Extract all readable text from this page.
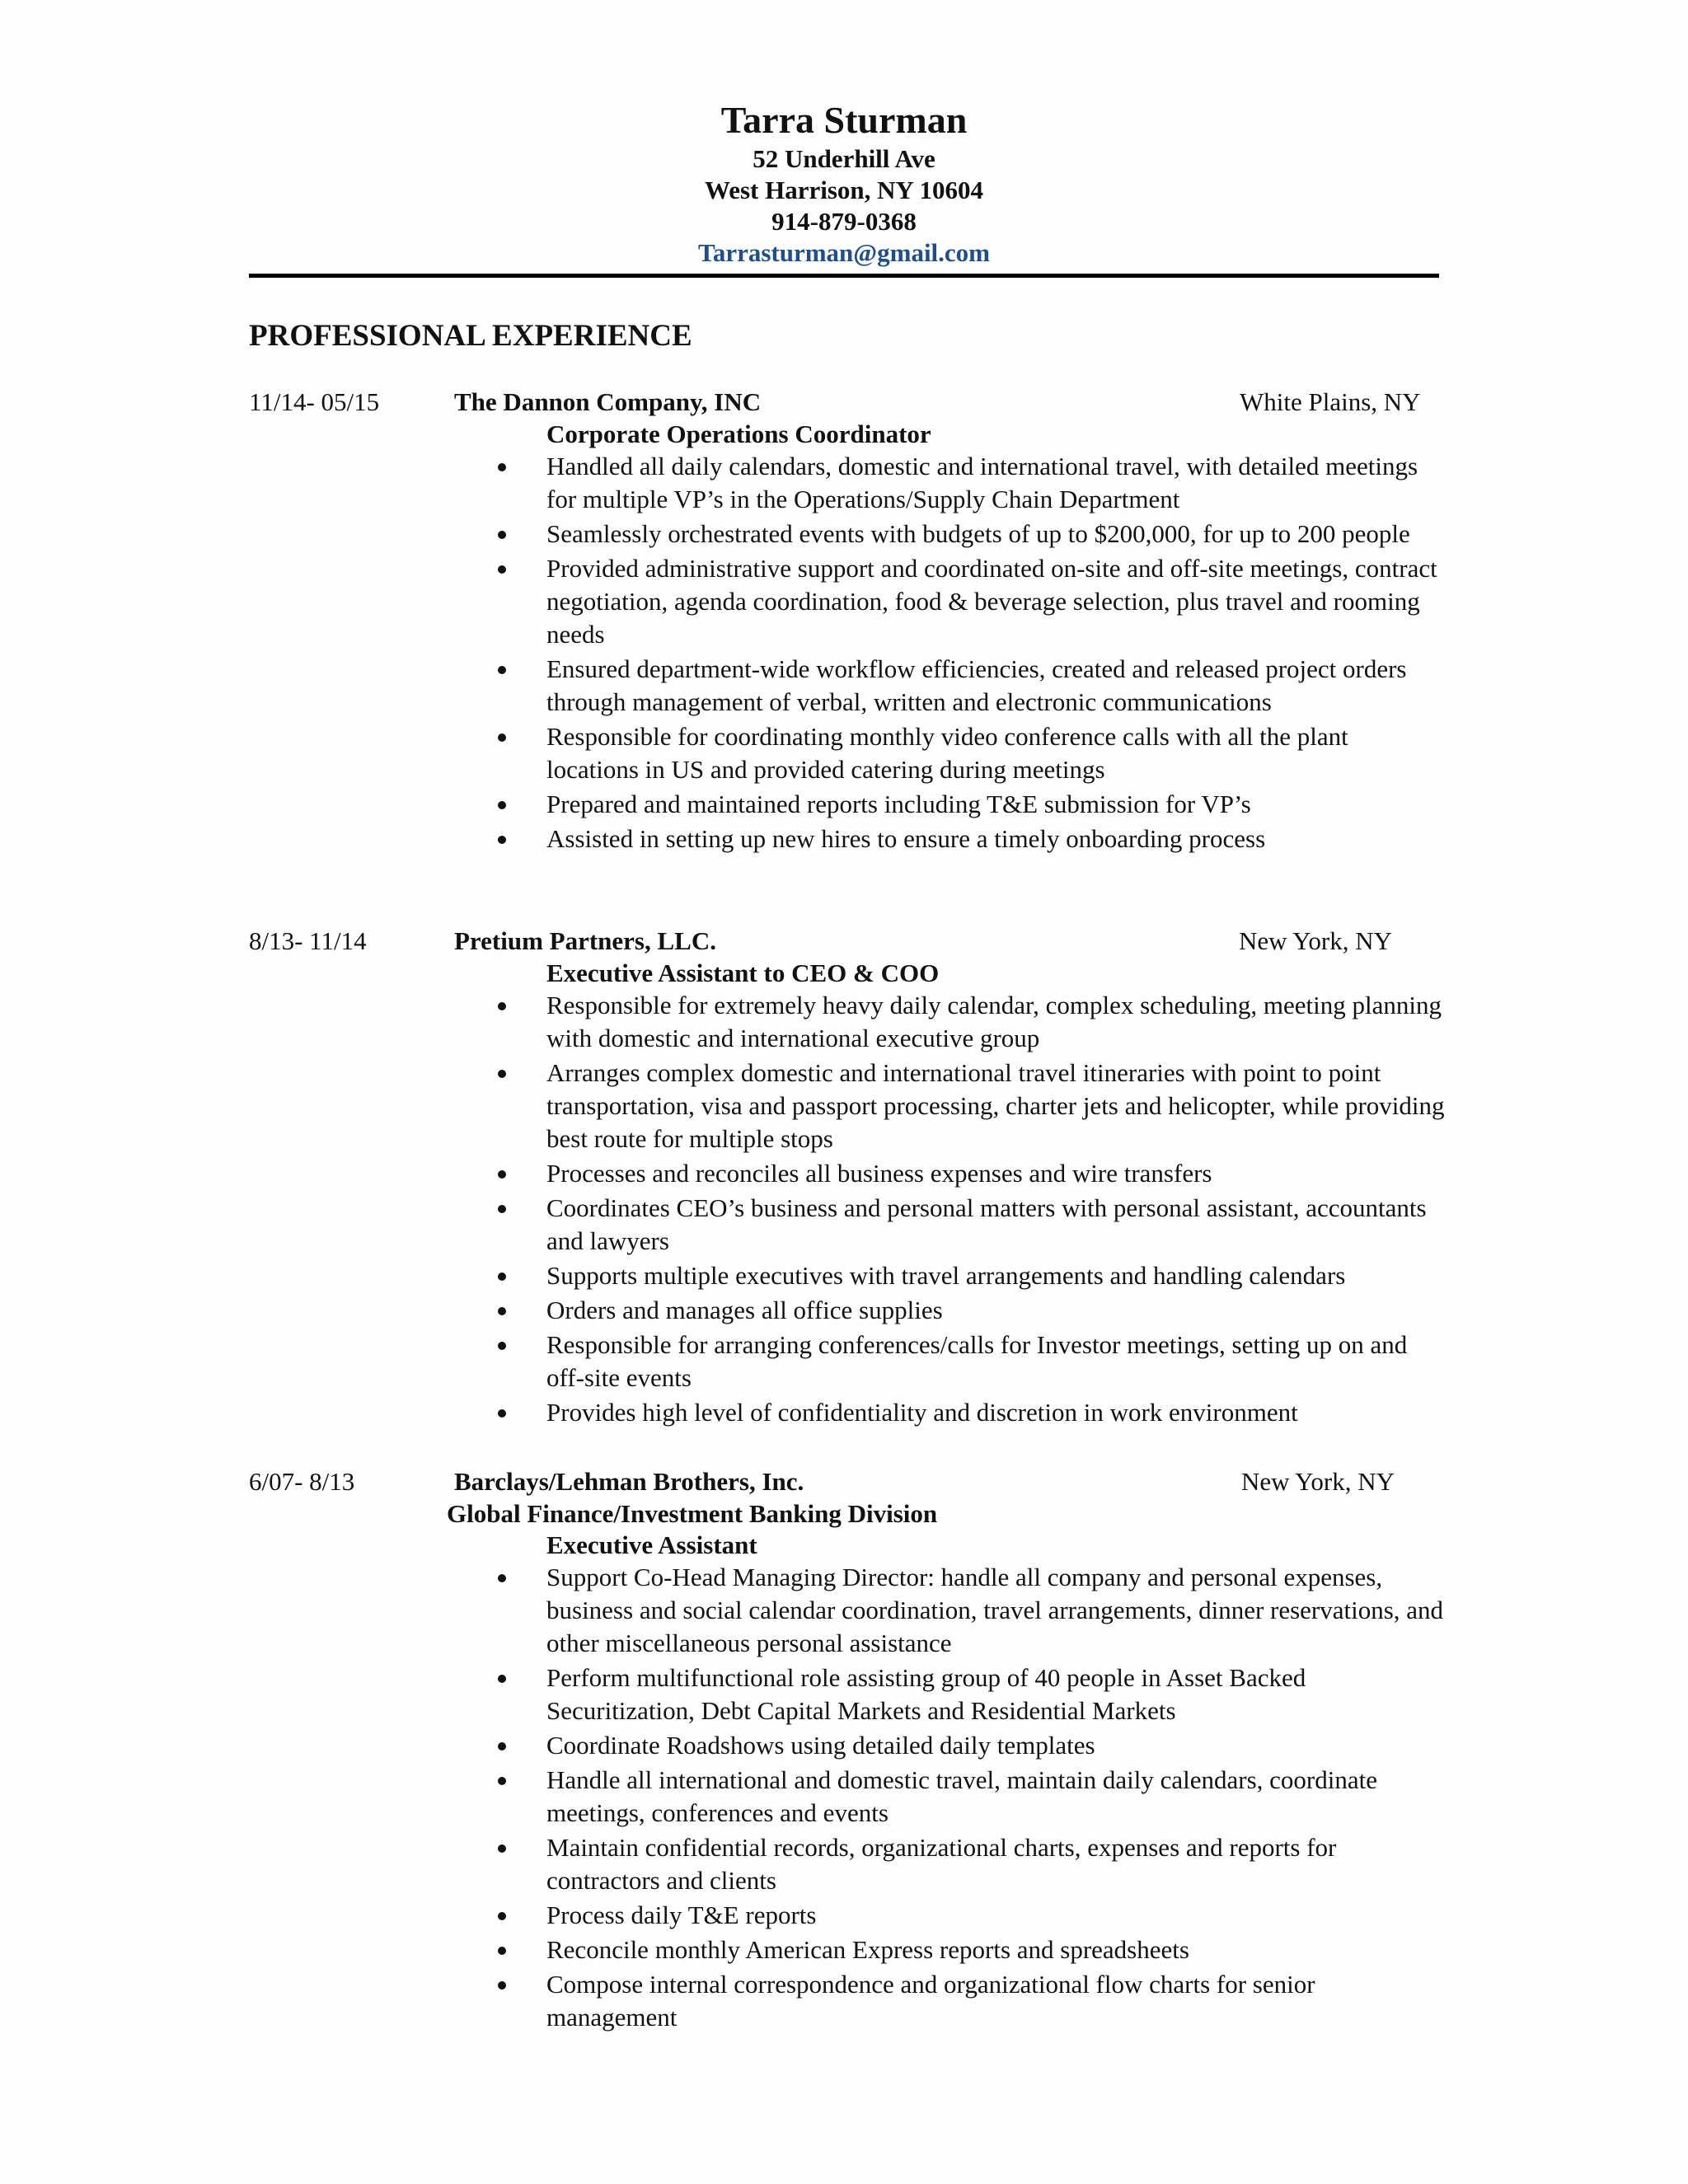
Tarra Sturman
52 Underhill Ave
West Harrison, NY 10604
914-879-0368
Tarrasturman@gmail.com
PROFESSIONAL EXPERIENCE
11/14- 05/15	The Dannon Company, INC	White Plains, NY
Corporate Operations Coordinator
Handled all daily calendars, domestic and international travel, with detailed meetings for multiple VP’s in the Operations/Supply Chain Department
Seamlessly orchestrated events with budgets of up to $200,000, for up to 200 people
Provided administrative support and coordinated on-site and off-site meetings, contract negotiation, agenda coordination, food & beverage selection, plus travel and rooming needs
Ensured department-wide workflow efficiencies, created and released project orders through management of verbal, written and electronic communications
Responsible for coordinating monthly video conference calls with all the plant locations in US and provided catering during meetings
Prepared and maintained reports including T&E submission for VP’s
Assisted in setting up new hires to ensure a timely onboarding process
8/13- 11/14	Pretium Partners, LLC.	New York, NY
Executive Assistant to CEO & COO
Responsible for extremely heavy daily calendar, complex scheduling, meeting planning with domestic and international executive group
Arranges complex domestic and international travel itineraries with point to point transportation, visa and passport processing, charter jets and helicopter, while providing best route for multiple stops
Processes and reconciles all business expenses and wire transfers
Coordinates CEO’s business and personal matters with personal assistant, accountants and lawyers
Supports multiple executives with travel arrangements and handling calendars
Orders and manages all office supplies
Responsible for arranging conferences/calls for Investor meetings, setting up on and off-site events
Provides high level of confidentiality and discretion in work environment
6/07- 8/13	Barclays/Lehman Brothers, Inc.	New York, NY
Global Finance/Investment Banking Division
Executive Assistant
Support Co-Head Managing Director: handle all company and personal expenses, business and social calendar coordination, travel arrangements, dinner reservations, and other miscellaneous personal assistance
Perform multifunctional role assisting group of 40 people in Asset Backed Securitization, Debt Capital Markets and Residential Markets
Coordinate Roadshows using detailed daily templates
Handle all international and domestic travel, maintain daily calendars, coordinate meetings, conferences and events
Maintain confidential records, organizational charts, expenses and reports for contractors and clients
Process daily T&E reports
Reconcile monthly American Express reports and spreadsheets
Compose internal correspondence and organizational flow charts for senior management
